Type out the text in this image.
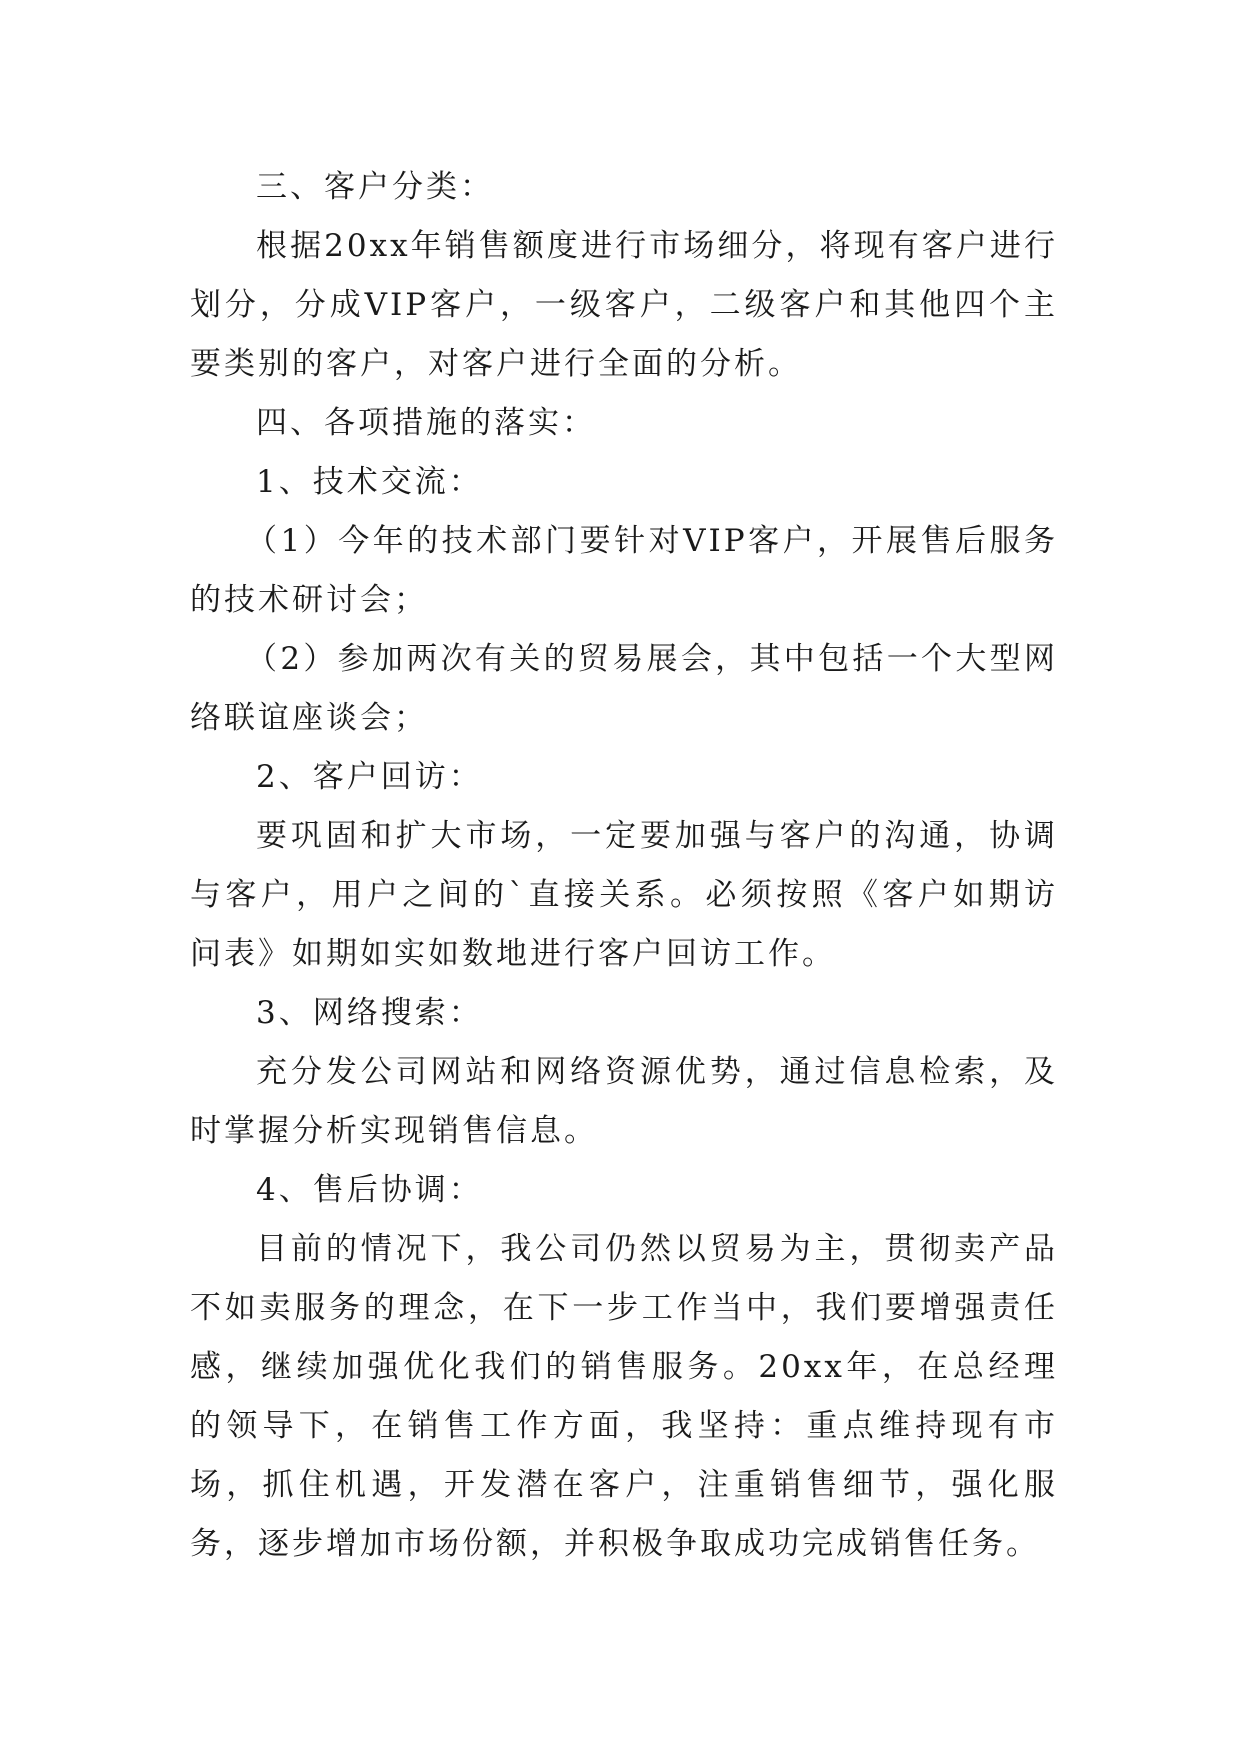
三、客户分类：

根据20xx年销售额度进行市场细分，将现有客户进行划分，分成VIP客户，一级客户，二级客户和其他四个主要类别的客户，对客户进行全面的分析。

四、各项措施的落实：

1、技术交流：

（1）今年的技术部门要针对VIP客户，开展售后服务的技术研讨会；

（2）参加两次有关的贸易展会，其中包括一个大型网络联谊座谈会；

2、客户回访：

要巩固和扩大市场，一定要加强与客户的沟通，协调与客户，用户之间的`直接关系。必须按照《客户如期访问表》如期如实如数地进行客户回访工作。

3、网络搜索：

充分发公司网站和网络资源优势，通过信息检索，及时掌握分析实现销售信息。

4、售后协调：

目前的情况下，我公司仍然以贸易为主，贯彻卖产品不如卖服务的理念，在下一步工作当中，我们要增强责任感，继续加强优化我们的销售服务。20xx年，在总经理的领导下，在销售工作方面，我坚持：重点维持现有市场，抓住机遇，开发潜在客户，注重销售细节，强化服务，逐步增加市场份额，并积极争取成功完成销售任务。
